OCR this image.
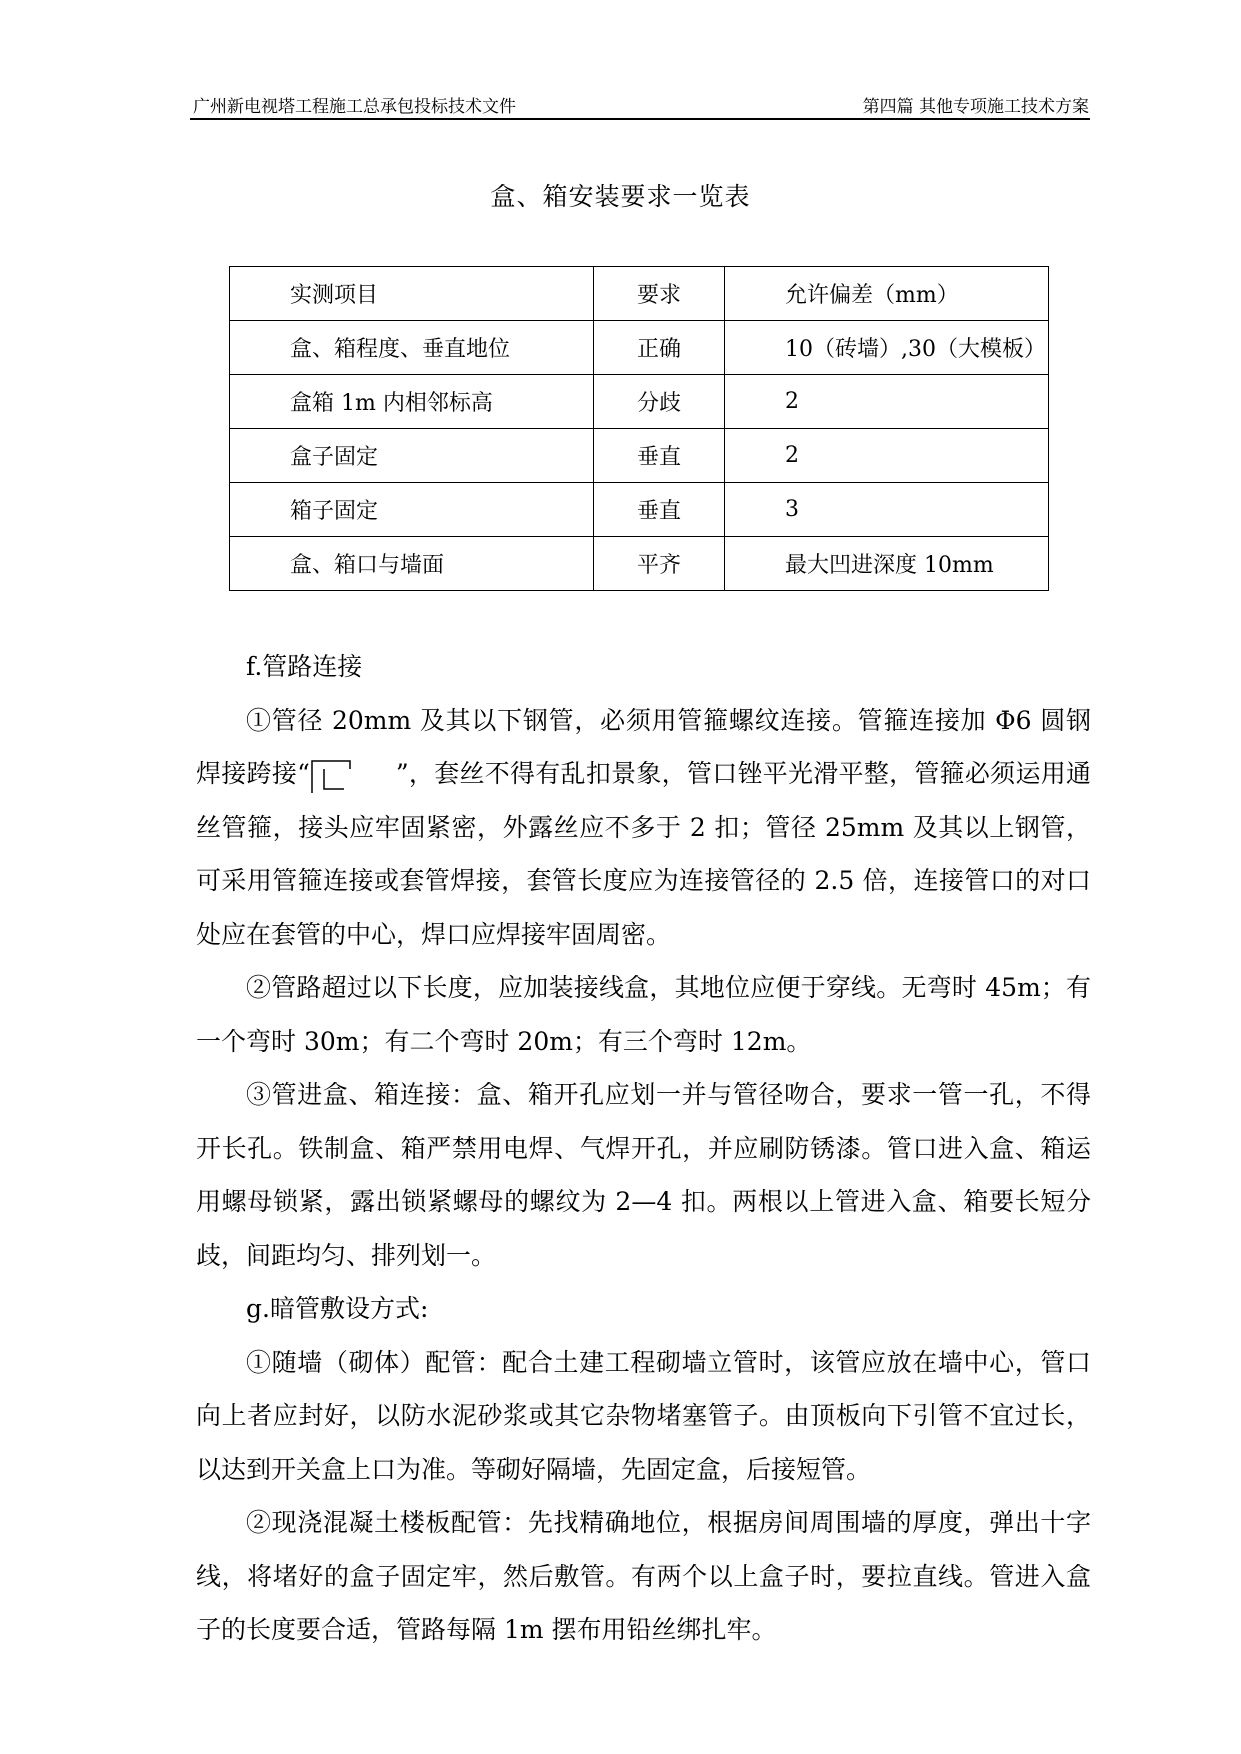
广州新电视塔工程施工总承包投标技术文件	第四篇 其他专项施工技术方案
盒、箱安装要求一览表
实测项目	要求	允许偏差（mm）
盒、箱程度、垂直地位	正确	10（砖墙）,30（大模板）
盒箱 1m 内相邻标高	分歧	2
盒子固定	垂直	2
箱子固定	垂直	3
盒、箱口与墙面	平齐	最大凹进深度 10mm

f.管路连接

①管径 20mm 及其以下钢管，必须用管箍螺纹连接。管箍连接加 Φ6 圆钢焊接跨接“	”，套丝不得有乱扣景象，管口锉平光滑平整，管箍必须运用通丝管箍，接头应牢固紧密，外露丝应不多于 2 扣；管径 25mm 及其以上钢管，可采用管箍连接或套管焊接，套管长度应为连接管径的 2.5 倍，连接管口的对口处应在套管的中心，焊口应焊接牢固周密。

②管路超过以下长度，应加装接线盒，其地位应便于穿线。无弯时 45m；有一个弯时 30m；有二个弯时 20m；有三个弯时 12m。

③管进盒、箱连接：盒、箱开孔应划一并与管径吻合，要求一管一孔，不得开长孔。铁制盒、箱严禁用电焊、气焊开孔，并应刷防锈漆。管口进入盒、箱运用螺母锁紧，露出锁紧螺母的螺纹为 2—4 扣。两根以上管进入盒、箱要长短分歧，间距均匀、排列划一。

g.暗管敷设方式:

①随墙（砌体）配管：配合土建工程砌墙立管时，该管应放在墙中心，管口向上者应封好，以防水泥砂浆或其它杂物堵塞管子。由顶板向下引管不宜过长，以达到开关盒上口为准。等砌好隔墙，先固定盒，后接短管。

②现浇混凝土楼板配管：先找精确地位，根据房间周围墙的厚度，弹出十字线，将堵好的盒子固定牢，然后敷管。有两个以上盒子时，要拉直线。管进入盒子的长度要合适，管路每隔 1m 摆布用铅丝绑扎牢。
